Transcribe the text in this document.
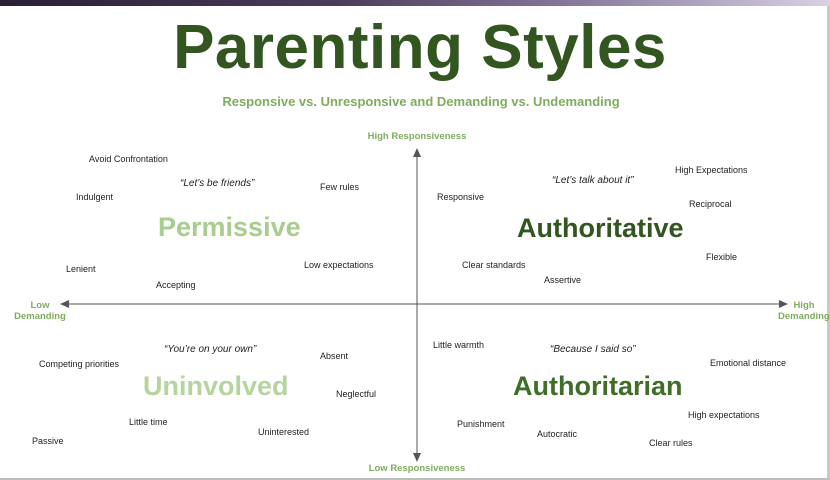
Parenting Styles
Responsive vs. Unresponsive and Demanding vs. Undemanding
High Responsiveness
Low Responsiveness
Low
Demanding
High
Demanding
Permissive	Authoritative
Uninvolved	Authoritarian
Avoid Confrontation
“Let’s be friends”
Indulgent
Few rules
Lenient
Accepting
Low expectations
“Let’s talk about it”
High Expectations
Reciprocal
Responsive
Clear standards
Assertive
Flexible
“You’re on your own”
Competing priorities
Absent
Neglectful
Little time
Uninterested
Passive
Little warmth	“Because I said so”
Emotional distance
High expectations
Punishment
Autocratic
Clear rules
